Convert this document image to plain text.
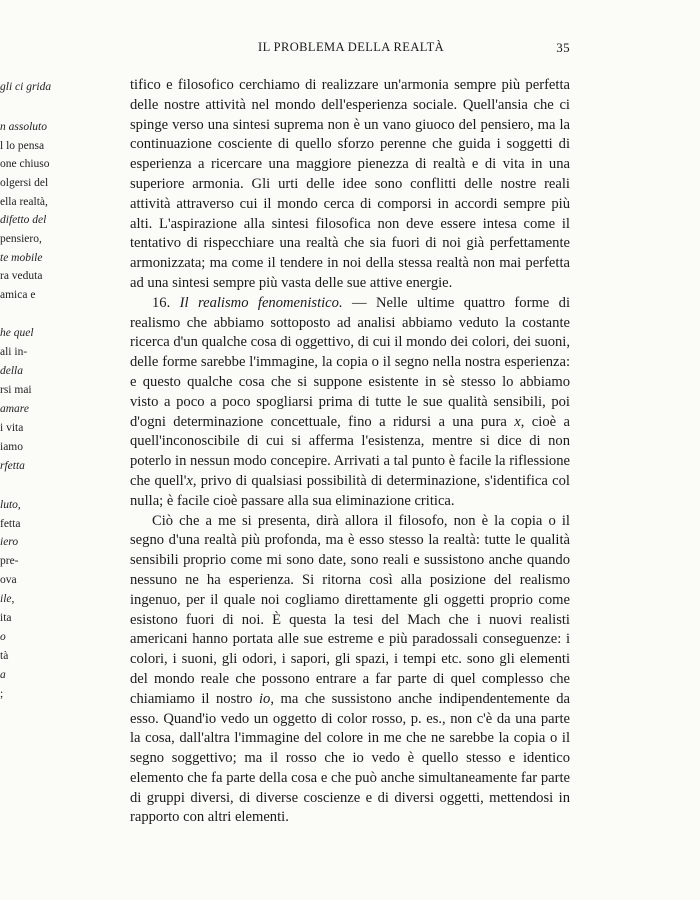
IL PROBLEMA DELLA REALTÀ	35
gli ci grida
n assoluto
l lo pensa
one chiuso
olgersi del
ella realtà,
difetto del
pensiero,
te mobile
ra veduta
amica e
he quel
ali in-
della
rsi mai
amare
i vita
iamo
rfetta
luto,
fetta
iero
pre-
ova
ile,
ita
o
tà
a
;

tifico e filosofico cerchiamo di realizzare un'armonia sempre più perfetta delle nostre attività nel mondo dell'esperienza sociale. Quell'ansia che ci spinge verso una sintesi suprema non è un vano giuoco del pensiero, ma la continuazione cosciente di quello sforzo perenne che guida i soggetti di esperienza a ricercare una maggiore pienezza di realtà e di vita in una superiore armonia. Gli urti delle idee sono conflitti delle nostre reali attività attraverso cui il mondo cerca di comporsi in accordi sempre più alti. L'aspirazione alla sintesi filosofica non deve essere intesa come il tentativo di rispecchiare una realtà che sia fuori di noi già perfettamente armonizzata; ma come il tendere in noi della stessa realtà non mai perfetta ad una sintesi sempre più vasta delle sue attive energie.

16. Il realismo fenomenistico. — Nelle ultime quattro forme di realismo che abbiamo sottoposto ad analisi abbiamo veduto la costante ricerca d'un qualche cosa di oggettivo, di cui il mondo dei colori, dei suoni, delle forme sarebbe l'immagine, la copia o il segno nella nostra esperienza: e questo qualche cosa che si suppone esistente in sè stesso lo abbiamo visto a poco a poco spogliarsi prima di tutte le sue qualità sensibili, poi d'ogni determinazione concettuale, fino a ridursi a una pura x, cioè a quell'inconoscibile di cui si afferma l'esistenza, mentre si dice di non poterlo in nessun modo concepire. Arrivati a tal punto è facile la riflessione che quell'x, privo di qualsiasi possibilità di determinazione, s'identifica col nulla; è facile cioè passare alla sua eliminazione critica.

Ciò che a me si presenta, dirà allora il filosofo, non è la copia o il segno d'una realtà più profonda, ma è esso stesso la realtà: tutte le qualità sensibili proprio come mi sono date, sono reali e sussistono anche quando nessuno ne ha esperienza. Si ritorna così alla posizione del realismo ingenuo, per il quale noi cogliamo direttamente gli oggetti proprio come esistono fuori di noi. È questa la tesi del Mach che i nuovi realisti americani hanno portata alle sue estreme e più paradossali conseguenze: i colori, i suoni, gli odori, i sapori, gli spazi, i tempi etc. sono gli elementi del mondo reale che possono entrare a far parte di quel complesso che chiamiamo il nostro io, ma che sussistono anche indipendentemente da esso. Quand'io vedo un oggetto di color rosso, p. es., non c'è da una parte la cosa, dall'altra l'immagine del colore in me che ne sarebbe la copia o il segno soggettivo; ma il rosso che io vedo è quello stesso e identico elemento che fa parte della cosa e che può anche simultaneamente far parte di gruppi diversi, di diverse coscienze e di diversi oggetti, mettendosi in rapporto con altri elementi.
